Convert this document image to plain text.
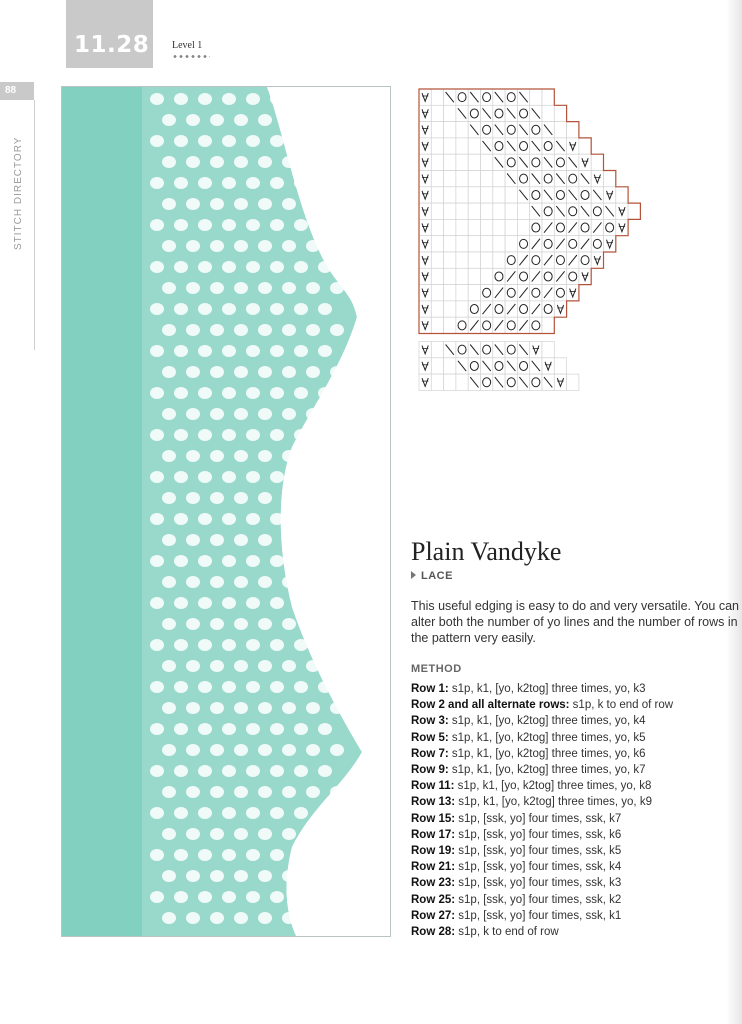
11.28 Level 1
88
STITCH DIRECTORY
Plain Vandyke
LACE
This useful edging is easy to do and very versatile. You can alter both the number of yo lines and the number of rows in the pattern very easily.
METHOD
Row 1: s1p, k1, [yo, k2tog] three times, yo, k3
Row 2 and all alternate rows: s1p, k to end of row
Row 3: s1p, k1, [yo, k2tog] three times, yo, k4
Row 5: s1p, k1, [yo, k2tog] three times, yo, k5
Row 7: s1p, k1, [yo, k2tog] three times, yo, k6
Row 9: s1p, k1, [yo, k2tog] three times, yo, k7
Row 11: s1p, k1, [yo, k2tog] three times, yo, k8
Row 13: s1p, k1, [yo, k2tog] three times, yo, k9
Row 15: s1p, [ssk, yo] four times, ssk, k7
Row 17: s1p, [ssk, yo] four times, ssk, k6
Row 19: s1p, [ssk, yo] four times, ssk, k5
Row 21: s1p, [ssk, yo] four times, ssk, k4
Row 23: s1p, [ssk, yo] four times, ssk, k3
Row 25: s1p, [ssk, yo] four times, ssk, k2
Row 27: s1p, [ssk, yo] four times, ssk, k1
Row 28: s1p, k to end of row
